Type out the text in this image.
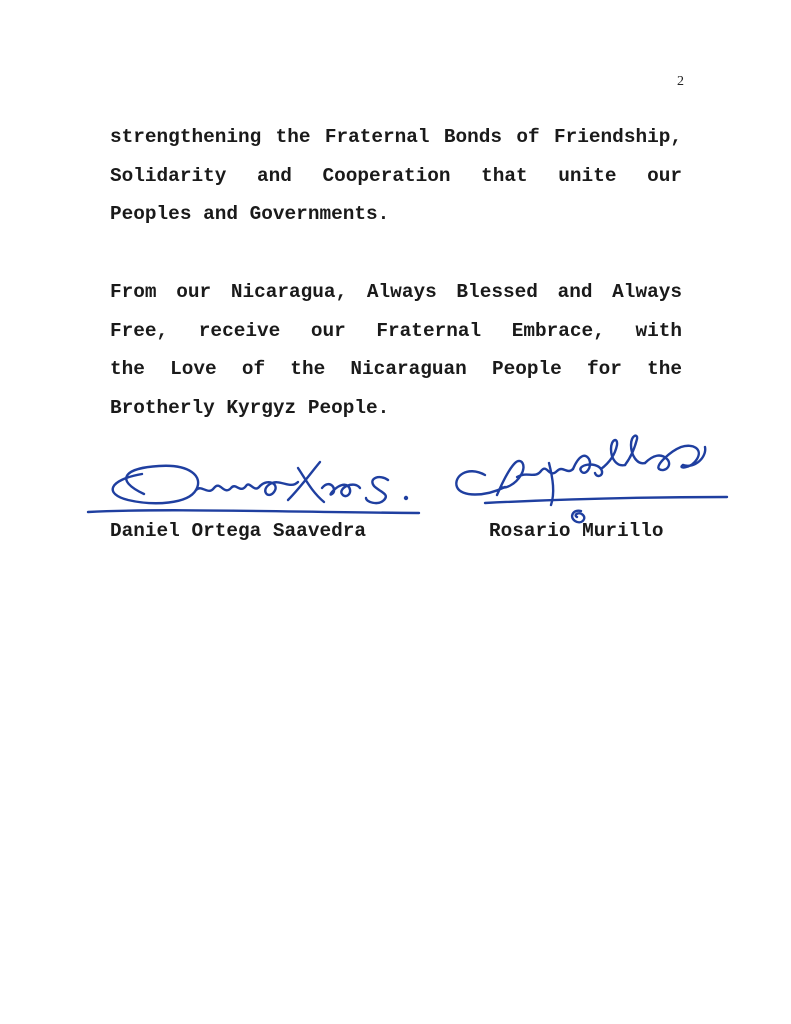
2
strengthening the Fraternal Bonds of Friendship,
Solidarity and Cooperation that unite our
Peoples and Governments.
From our Nicaragua, Always Blessed and Always
Free, receive our Fraternal Embrace, with
the Love of the Nicaraguan People for the
Brotherly Kyrgyz People.
Daniel Ortega Saavedra	Rosario Murillo
